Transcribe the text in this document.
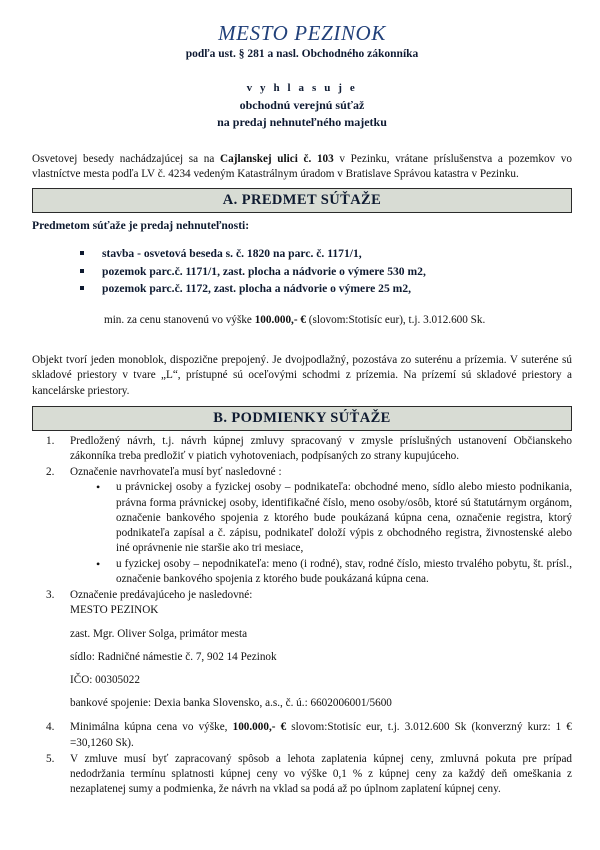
MESTO PEZINOK
podľa ust. § 281 a nasl. Obchodného zákonníka
v y h l a s u j e
obchodnú verejnú súťaž
na predaj nehnuteľného majetku

Osvetovej besedy nachádzajúcej sa na Cajlanskej ulici č. 103 v Pezinku, vrátane príslušenstva a pozemkov vo vlastníctve mesta podľa LV č. 4234 vedeným Katastrálnym úradom v Bratislave Správou katastra v Pezinku.

A. PREDMET SÚŤAŽE

Predmetom súťaže je predaj nehnuteľnosti:

stavba - osvetová beseda s. č. 1820 na parc. č. 1171/1,
pozemok parc.č. 1171/1, zast. plocha a nádvorie o výmere 530 m2,
pozemok parc.č. 1172, zast. plocha a nádvorie o výmere 25 m2,

min. za cenu stanovenú vo výške 100.000,- € (slovom:Stotisíc eur), t.j. 3.012.600 Sk.

Objekt tvorí jeden monoblok, dispozične prepojený. Je dvojpodlažný, pozostáva zo suterénu a prízemia. V suteréne sú skladové priestory v tvare „L“, prístupné sú oceľovými schodmi z prízemia. Na prízemí sú skladové priestory a kancelárske priestory.

B. PODMIENKY SÚŤAŽE

Predložený návrh, t.j. návrh kúpnej zmluvy spracovaný v zmysle príslušných ustanovení Občianskeho zákonníka treba predložiť v piatich vyhotoveniach, podpísaných zo strany kupujúceho.

Označenie navrhovateľa musí byť nasledovné :

• u právnickej osoby a fyzickej osoby – podnikateľa: obchodné meno, sídlo alebo miesto podnikania, právna forma právnickej osoby, identifikačné číslo, meno osoby/osôb, ktoré sú štatutárnym orgánom, označenie bankového spojenia z ktorého bude poukázaná kúpna cena, označenie registra, ktorý podnikateľa zapísal a č. zápisu, podnikateľ doloží výpis z obchodného registra, živnostenské alebo iné oprávnenie nie staršie ako tri mesiace,
• u fyzickej osoby – nepodnikateľa: meno (i rodné), stav, rodné číslo, miesto trvalého pobytu, št. prísl., označenie bankového spojenia z ktorého bude poukázaná kúpna cena.

Označenie predávajúceho je nasledovné:

MESTO PEZINOK
zast. Mgr. Oliver Solga, primátor mesta
sídlo: Radničné námestie č. 7, 902 14 Pezinok
IČO: 00305022
bankové spojenie: Dexia banka Slovensko, a.s., č. ú.: 6602006001/5600

Minimálna kúpna cena vo výške, 100.000,- € slovom:Stotisíc eur, t.j. 3.012.600 Sk (konverzný kurz: 1 € =30,1260 Sk).

V zmluve musí byť zapracovaný spôsob a lehota zaplatenia kúpnej ceny, zmluvná pokuta pre prípad nedodržania termínu splatnosti kúpnej ceny vo výške 0,1 % z kúpnej ceny za každý deň omeškania z nezaplatenej sumy a podmienka, že návrh na vklad sa podá až po úplnom zaplatení kúpnej ceny.
